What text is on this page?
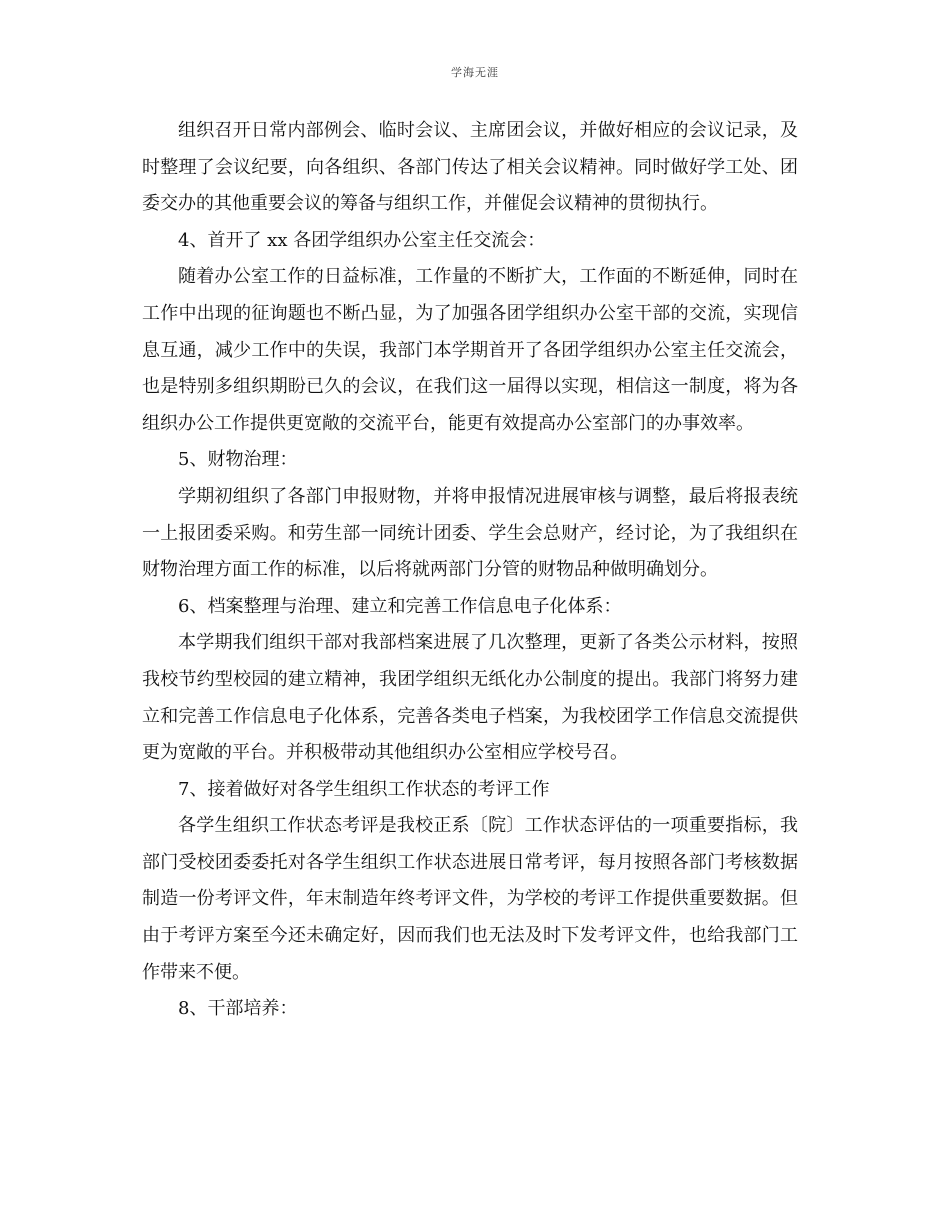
学海无涯

组织召开日常内部例会、临时会议、主席团会议，并做好相应的会议记录，及时整理了会议纪要，向各组织、各部门传达了相关会议精神。同时做好学工处、团委交办的其他重要会议的筹备与组织工作，并催促会议精神的贯彻执行。

4、首开了 xx 各团学组织办公室主任交流会：

随着办公室工作的日益标准，工作量的不断扩大，工作面的不断延伸，同时在工作中出现的征询题也不断凸显，为了加强各团学组织办公室干部的交流，实现信息互通，减少工作中的失误，我部门本学期首开了各团学组织办公室主任交流会，也是特别多组织期盼已久的会议，在我们这一届得以实现，相信这一制度，将为各组织办公工作提供更宽敞的交流平台，能更有效提高办公室部门的办事效率。

5、财物治理：

学期初组织了各部门申报财物，并将申报情况进展审核与调整，最后将报表统一上报团委采购。和劳生部一同统计团委、学生会总财产，经讨论，为了我组织在财物治理方面工作的标准，以后将就两部门分管的财物品种做明确划分。

6、档案整理与治理、建立和完善工作信息电子化体系：

本学期我们组织干部对我部档案进展了几次整理，更新了各类公示材料，按照我校节约型校园的建立精神，我团学组织无纸化办公制度的提出。我部门将努力建立和完善工作信息电子化体系，完善各类电子档案，为我校团学工作信息交流提供更为宽敞的平台。并积极带动其他组织办公室相应学校号召。

7、接着做好对各学生组织工作状态的考评工作

各学生组织工作状态考评是我校正系〔院〕工作状态评估的一项重要指标，我部门受校团委委托对各学生组织工作状态进展日常考评，每月按照各部门考核数据制造一份考评文件，年末制造年终考评文件，为学校的考评工作提供重要数据。但由于考评方案至今还未确定好，因而我们也无法及时下发考评文件，也给我部门工作带来不便。

8、干部培养：
